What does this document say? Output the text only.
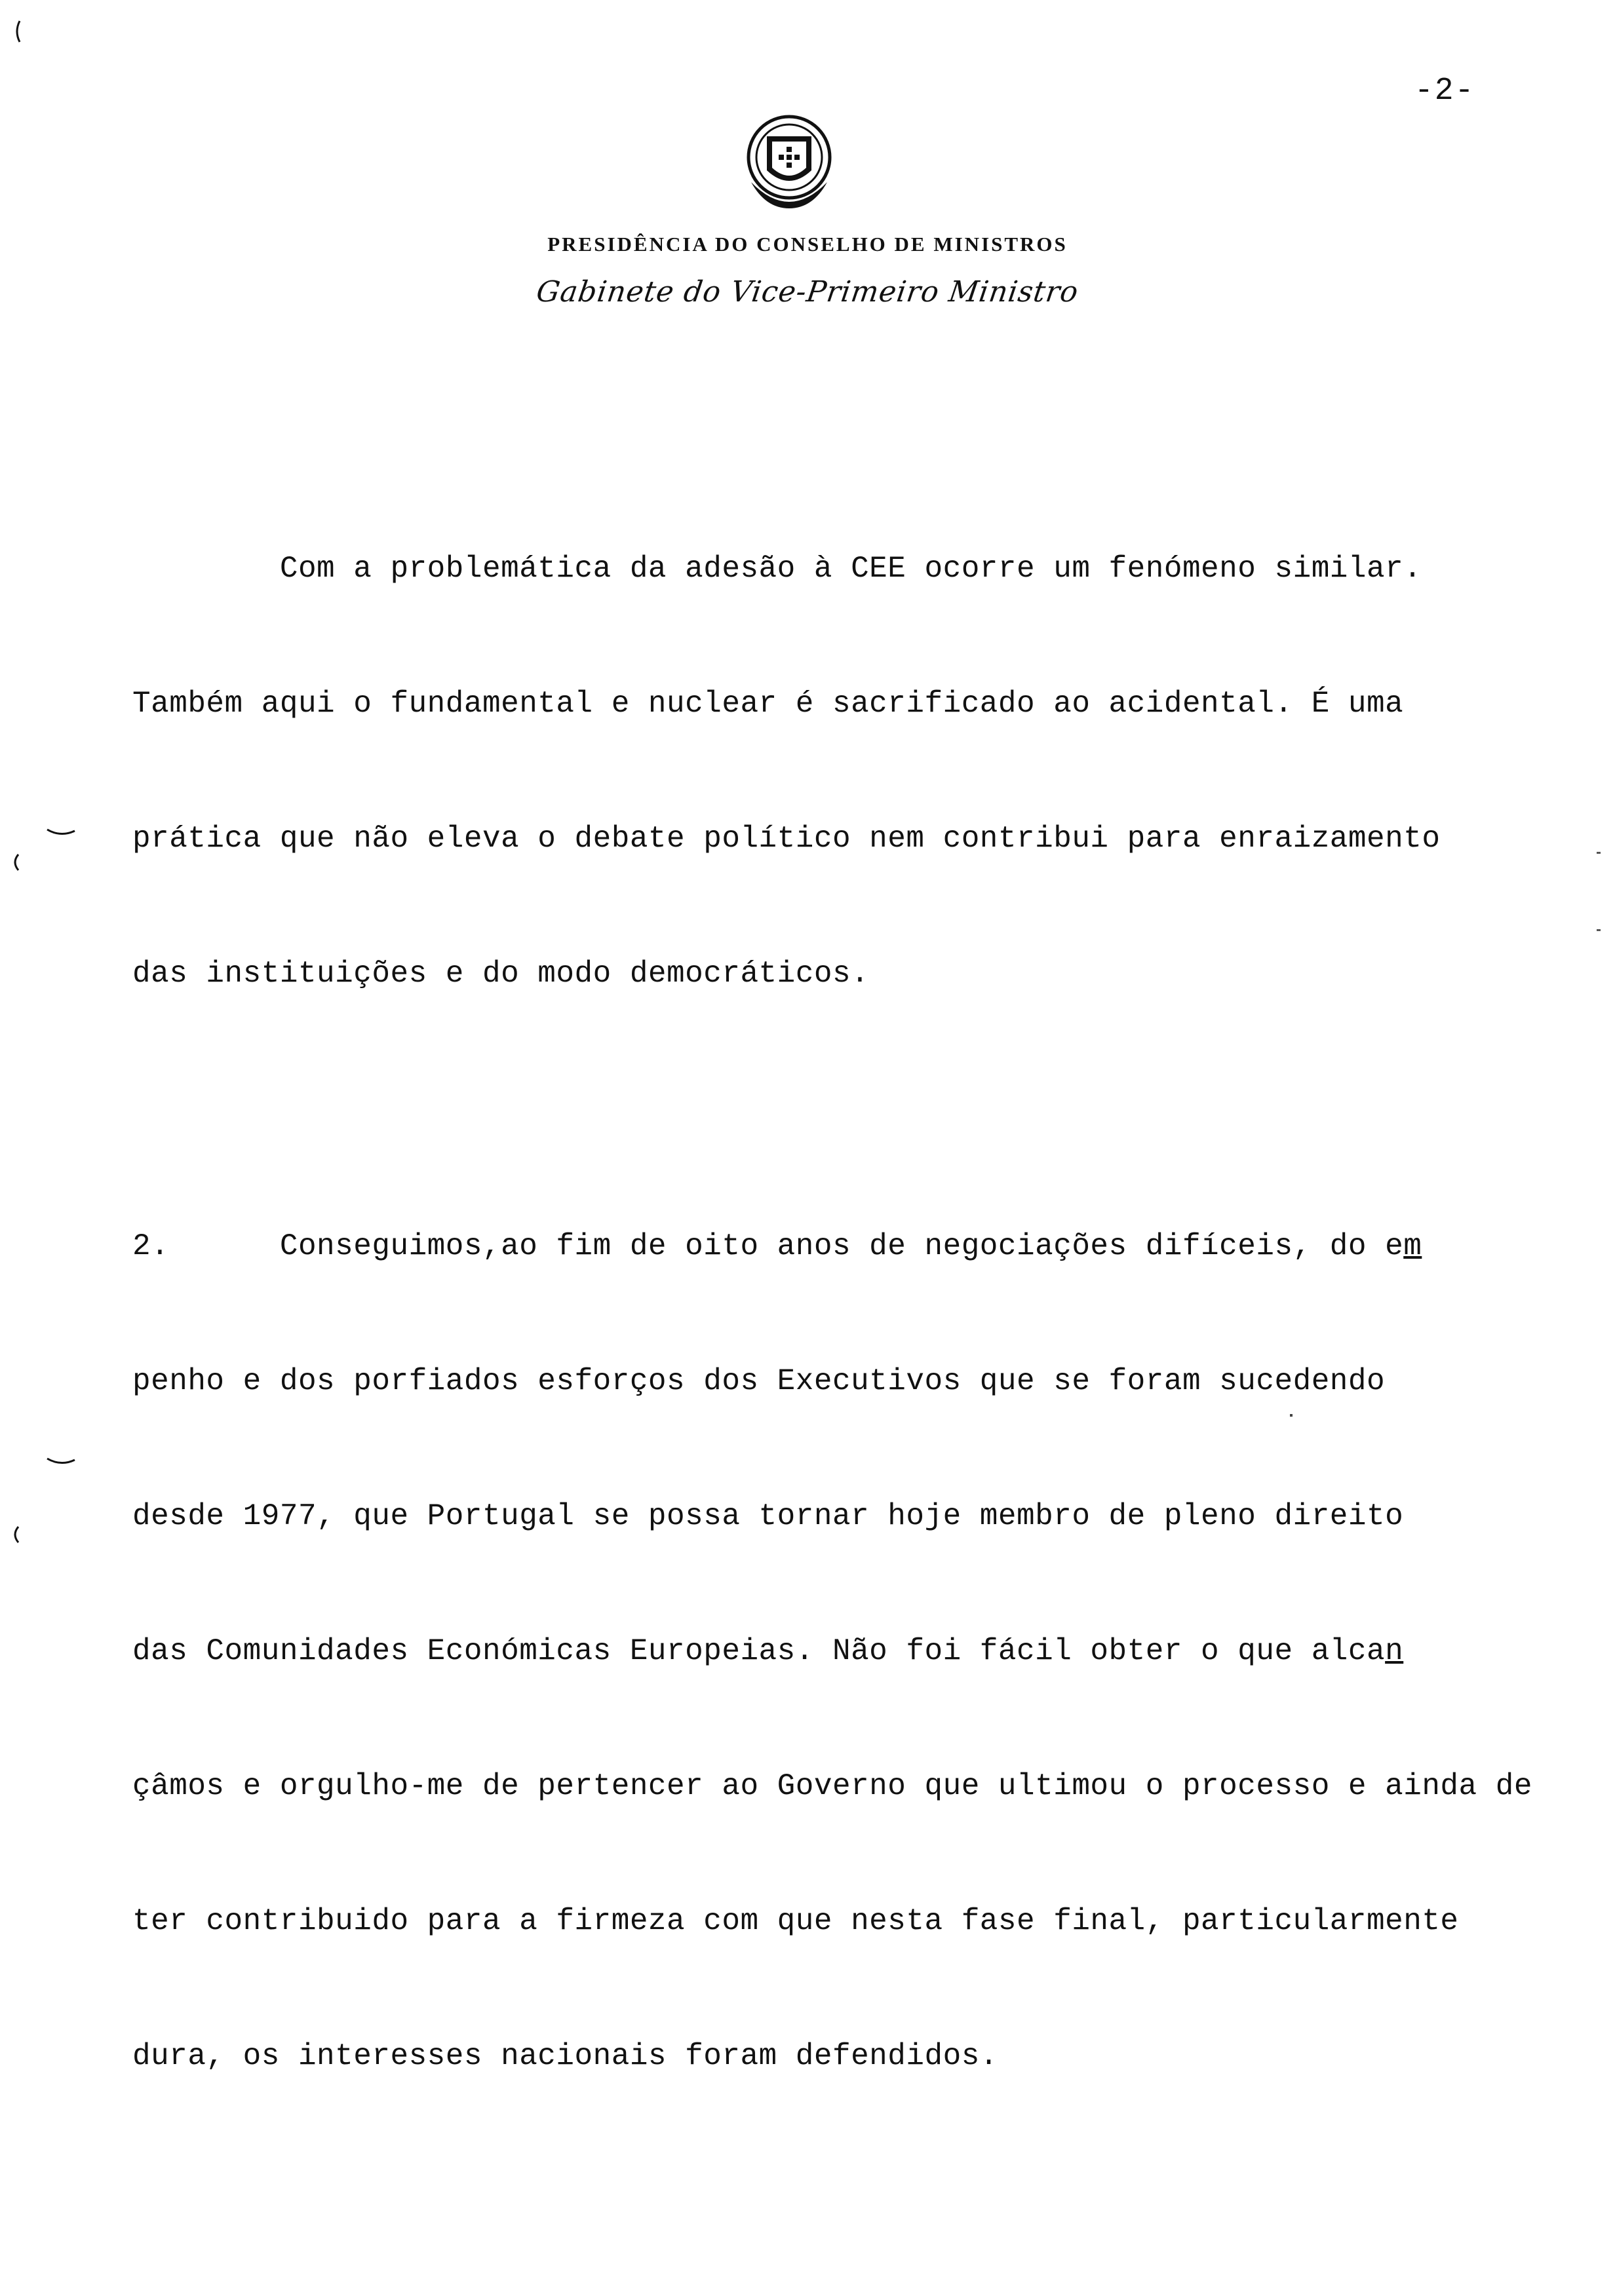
-2-
PRESIDÊNCIA DO CONSELHO DE MINISTROS
Gabinete do Vice-Primeiro Ministro
Com a problemática da adesão à CEE ocorre um fenómeno similar.
Também aqui o fundamental e nuclear é sacrificado ao acidental. É uma
prática que não eleva o debate político nem contribui para enraizamento
das instituições e do modo democráticos.
2.      Conseguimos,ao fim de oito anos de negociações difíceis, do em
penho e dos porfiados esforços dos Executivos que se foram sucedendo
desde 1977, que Portugal se possa tornar hoje membro de pleno direito
das Comunidades Económicas Europeias. Não foi fácil obter o que alcan
çâmos e orgulho-me de pertencer ao Governo que ultimou o processo e ainda de
ter contribuido para a firmeza com que nesta fase final, particularmente
dura, os interesses nacionais foram defendidos.
